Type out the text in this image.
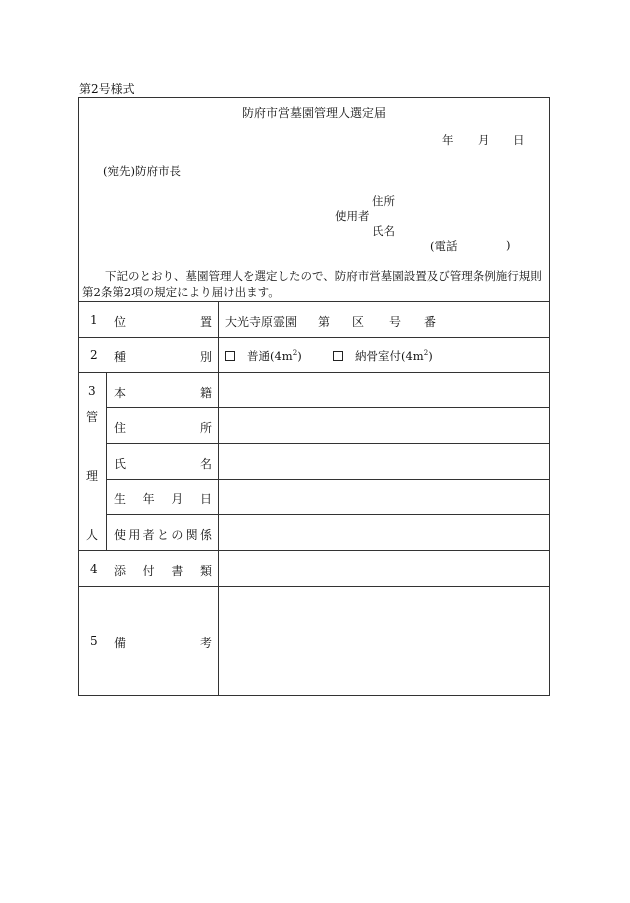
第2号様式
防府市営墓園管理人選定届
年 月 日
(宛先)防府市長
住所
使用者
氏名
(電話	)
下記のとおり、墓園管理人を選定したので、防府市営墓園設置及び管理条例施行規則
第2条第2項の規定により届け出ます。
1 位	置 大光寺原霊園 第 区 号 番
2 種	別	普通$(4m^2)$	納骨室付$(4m^2)$
3
管
理
人
本	籍
住	所
氏	名
生 年 月 日
使 用 者 と の 関 係
4 添 付 書 類
5 備	考
